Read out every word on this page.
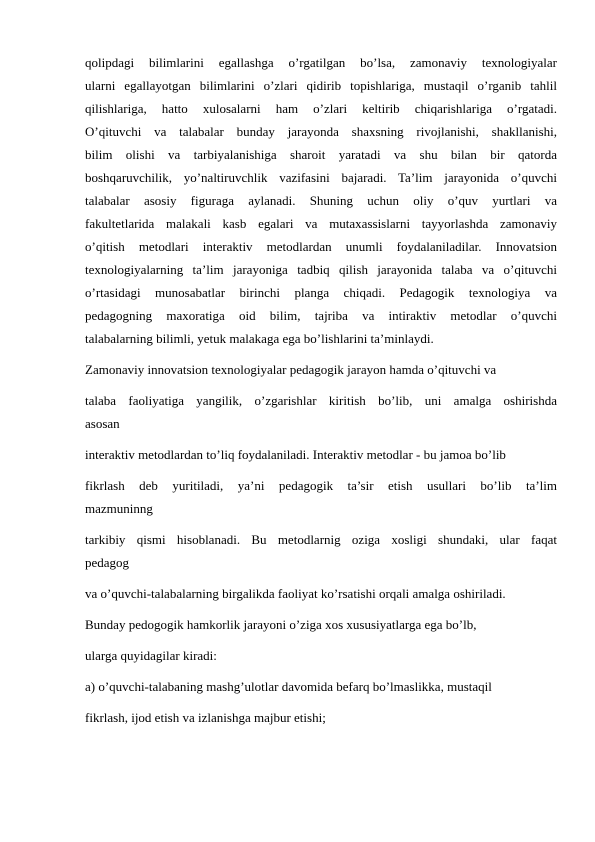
qolipdagi bilimlarini egallashga o’rgatilgan bo’lsa, zamonaviy texnologiyalar
ularni egallayotgan bilimlarini o’zlari qidirib topishlariga, mustaqil o’rganib tahlil
qilishlariga, hatto xulosalarni ham o’zlari keltirib chiqarishlariga o’rgatadi.
O’qituvchi va talabalar bunday jarayonda shaxsning rivojlanishi, shakllanishi,
bilim olishi va tarbiyalanishiga sharoit yaratadi va shu bilan bir qatorda
boshqaruvchilik, yo’naltiruvchlik vazifasini bajaradi. Ta’lim jarayonida o’quvchi
talabalar asosiy figuraga aylanadi. Shuning uchun oliy o’quv yurtlari va
fakultetlarida malakali kasb egalari va mutaxassislarni tayyorlashda zamonaviy
o’qitish metodlari interaktiv metodlardan unumli foydalaniladilar. Innovatsion
texnologiyalarning ta’lim jarayoniga tadbiq qilish jarayonida talaba va o’qituvchi
o’rtasidagi munosabatlar birinchi planga chiqadi. Pedagogik texnologiya va
pedagogning maxoratiga oid bilim, tajriba va intiraktiv metodlar o’quvchi
talabalarning bilimli, yetuk malakaga ega bo’lishlarini ta’minlaydi.
Zamonaviy innovatsion texnologiyalar pedagogik jarayon hamda o’qituvchi va
talaba faoliyatiga yangilik, o’zgarishlar kiritish bo’lib, uni amalga oshirishda
asosan
interaktiv metodlardan to’liq foydalaniladi. Interaktiv metodlar - bu jamoa bo’lib
fikrlash deb yuritiladi, ya’ni pedagogik ta’sir etish usullari bo’lib ta’lim
mazmuninng
tarkibiy qismi hisoblanadi. Bu metodlarnig oziga xosligi shundaki, ular faqat
pedagog
va o’quvchi-talabalarning birgalikda faoliyat ko’rsatishi orqali amalga oshiriladi.
Bunday pedogogik hamkorlik jarayoni o’ziga xos xususiyatlarga ega bo’lb,
ularga quyidagilar kiradi:
a) o’quvchi-talabaning mashg’ulotlar davomida befarq bo’lmaslikka, mustaqil
fikrlash, ijod etish va izlanishga majbur etishi;
